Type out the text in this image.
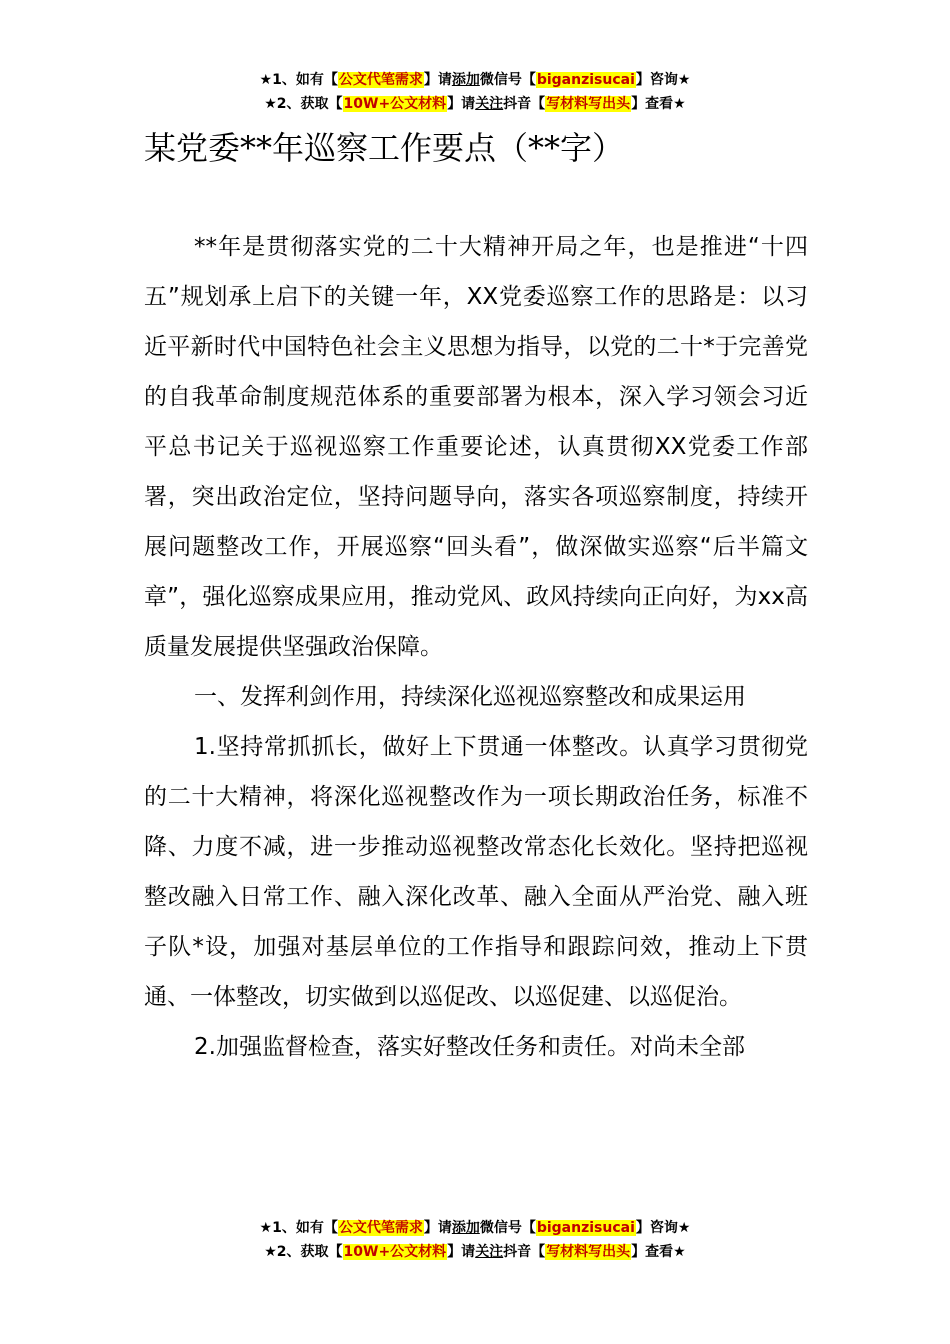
★1、如有【公文代笔需求】请添加微信号【biganzisucai】咨询★
★2、获取【10W+公文材料】请关注抖音【写材料写出头】查看★
某党委**年巡察工作要点（**字）

**年是贯彻落实党的二十大精神开局之年，也是推进“十四五”规划承上启下的关键一年，XX党委巡察工作的思路是：以习近平新时代中国特色社会主义思想为指导，以党的二十*于完善党的自我革命制度规范体系的重要部署为根本，深入学习领会习近平总书记关于巡视巡察工作重要论述，认真贯彻XX党委工作部署，突出政治定位，坚持问题导向，落实各项巡察制度，持续开展问题整改工作，开展巡察“回头看”，做深做实巡察“后半篇文章”，强化巡察成果应用，推动党风、政风持续向正向好，为xx高质量发展提供坚强政治保障。

一、发挥利剑作用，持续深化巡视巡察整改和成果运用

1.坚持常抓抓长，做好上下贯通一体整改。认真学习贯彻党的二十大精神，将深化巡视整改作为一项长期政治任务，标准不降、力度不减，进一步推动巡视整改常态化长效化。坚持把巡视整改融入日常工作、融入深化改革、融入全面从严治党、融入班子队*设，加强对基层单位的工作指导和跟踪问效，推动上下贯通、一体整改，切实做到以巡促改、以巡促建、以巡促治。

2.加强监督检查，落实好整改任务和责任。对尚未全部

★1、如有【公文代笔需求】请添加微信号【biganzisucai】咨询★
★2、获取【10W+公文材料】请关注抖音【写材料写出头】查看★
